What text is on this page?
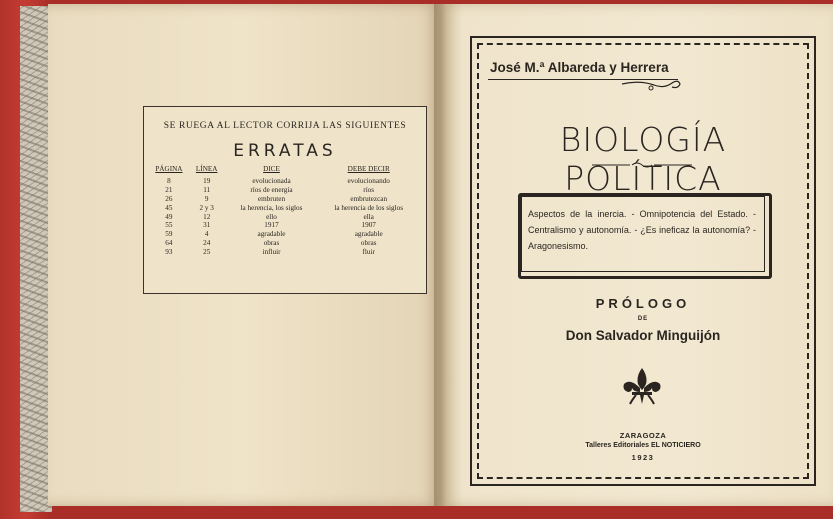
SE RUEGA AL LECTOR CORRIJA LAS SIGUIENTES
ERRATAS
PÁGINA	LÍNEA	DICE	DEBE DECIR
8	19	evolucionada	evolucionando
21	11	ríos de energía	ríos
26	9	embruten	embrutezcan
45	2 y 3	la herencia, los siglos	la herencia de los siglos
49	12	ello	ella
55	31	1917	1907
59	4	agradable	agradable
64	24	obras	obras
93	25	influir	fluir
José M.ª Albareda y Herrera
BIOLOGÍA POLÍTICA
Aspectos de la inercia. - Omnipotencia del Estado. - Centralismo y autonomía. - ¿Es ineficaz la autonomía? - Aragonesismo.
PRÓLOGO
DE
Don Salvador Minguijón
ZARAGOZA
Talleres Editoriales EL NOTICIERO
1923
